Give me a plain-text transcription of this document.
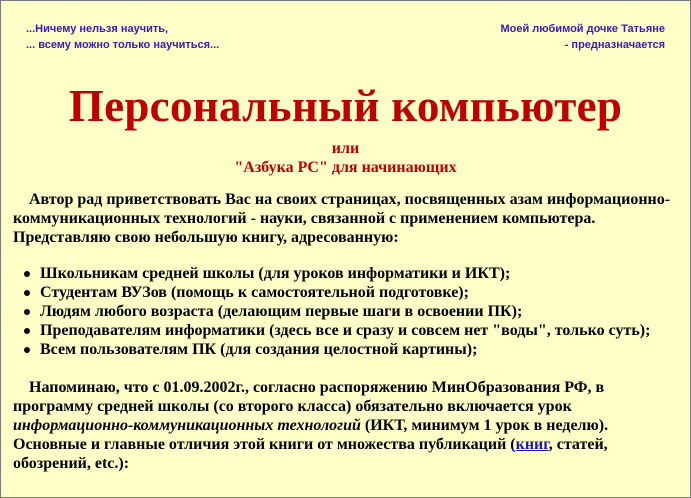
...Ничему нельзя научить,
... всему можно только научиться...
Моей любимой дочке Татьяне
- предназначается
Персональный компьютер
или
"Азбука PC" для начинающих

Автор рад приветствовать Вас на своих страницах, посвященных азам информационно-
коммуникационных технологий - науки, связанной с применением компьютера.
Представляю свою небольшую книгу, адресованную:

Школьникам средней школы (для уроков информатики и ИКТ);
Студентам ВУЗов (помощь к самостоятельной подготовке);
Людям любого возраста (делающим первые шаги в освоении ПК);
Преподавателям информатики (здесь все и сразу и совсем нет "воды", только суть);
Всем пользователям ПК (для создания целостной картины);

Напоминаю, что с 01.09.2002г., согласно распоряжению МинОбразования РФ, в
программу средней школы (со второго класса) обязательно включается урок
информационно-коммуникационных технологий (ИКТ, минимум 1 урок в неделю).
Основные и главные отличия этой книги от множества публикаций (книг, статей,
обозрений, etc.):
